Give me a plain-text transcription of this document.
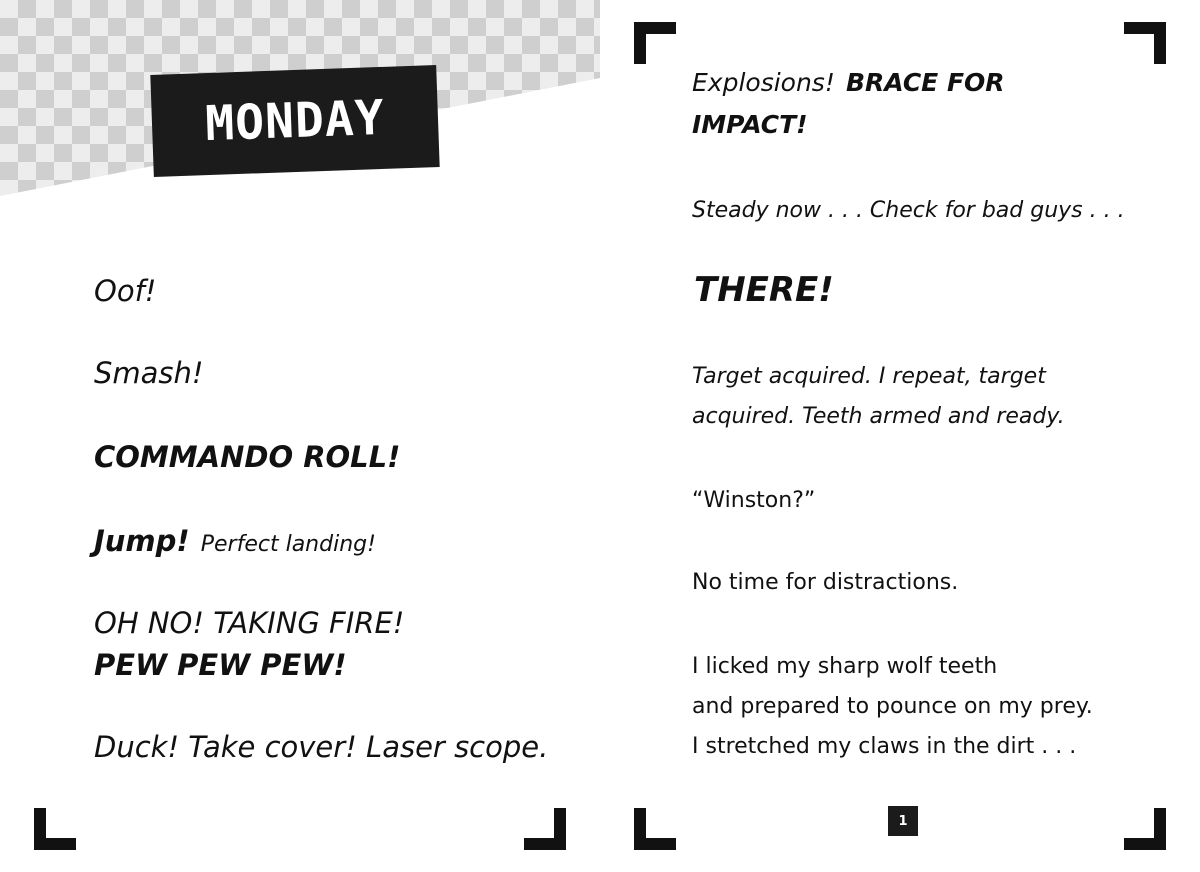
MONDAY
Oof!
Smash!
COMMANDO ROLL!
Jump! Perfect landing!
OH NO! TAKING FIRE!
PEW PEW PEW!
Duck! Take cover! Laser scope.
Explosions! BRACE FOR
IMPACT!
Steady now . . . Check for bad guys . . .
THERE!
Target acquired. I repeat, target
acquired. Teeth armed and ready.
“Winston?”
No time for distractions.
I licked my sharp wolf teeth
and prepared to pounce on my prey.
I stretched my claws in the dirt . . .
1
